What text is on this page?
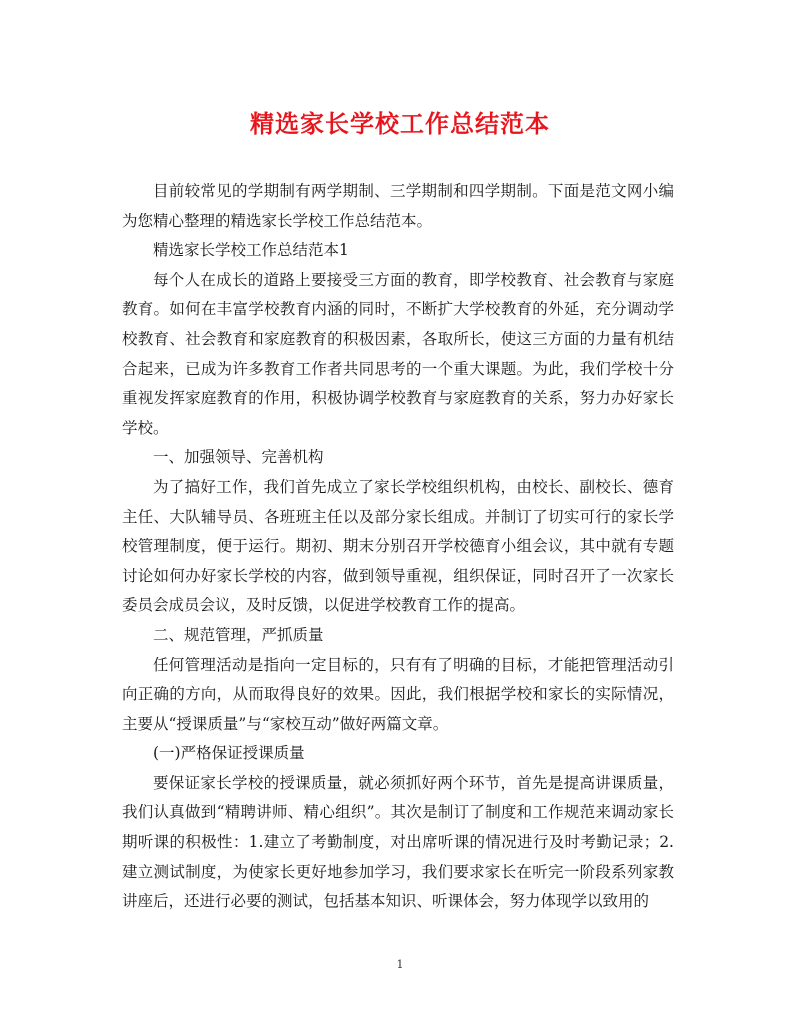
精选家长学校工作总结范本

目前较常见的学期制有两学期制、三学期制和四学期制。下面是范文网小编为您精心整理的精选家长学校工作总结范本。

精选家长学校工作总结范本1

每个人在成长的道路上要接受三方面的教育，即学校教育、社会教育与家庭教育。如何在丰富学校教育内涵的同时，不断扩大学校教育的外延，充分调动学校教育、社会教育和家庭教育的积极因素，各取所长，使这三方面的力量有机结合起来，已成为许多教育工作者共同思考的一个重大课题。为此，我们学校十分重视发挥家庭教育的作用，积极协调学校教育与家庭教育的关系，努力办好家长学校。

一、加强领导、完善机构

为了搞好工作，我们首先成立了家长学校组织机构，由校长、副校长、德育主任、大队辅导员、各班班主任以及部分家长组成。并制订了切实可行的家长学校管理制度，便于运行。期初、期末分别召开学校德育小组会议，其中就有专题讨论如何办好家长学校的内容，做到领导重视，组织保证，同时召开了一次家长委员会成员会议，及时反馈，以促进学校教育工作的提高。

二、规范管理，严抓质量

任何管理活动是指向一定目标的，只有有了明确的目标，才能把管理活动引向正确的方向，从而取得良好的效果。因此，我们根据学校和家长的实际情况，主要从“授课质量”与“家校互动”做好两篇文章。

(一)严格保证授课质量

要保证家长学校的授课质量，就必须抓好两个环节，首先是提高讲课质量，我们认真做到“精聘讲师、精心组织”。其次是制订了制度和工作规范来调动家长期听课的积极性：1.建立了考勤制度，对出席听课的情况进行及时考勤记录；2.建立测试制度，为使家长更好地参加学习，我们要求家长在听完一阶段系列家教讲座后，还进行必要的测试，包括基本知识、听课体会，努力体现学以致用的

1
